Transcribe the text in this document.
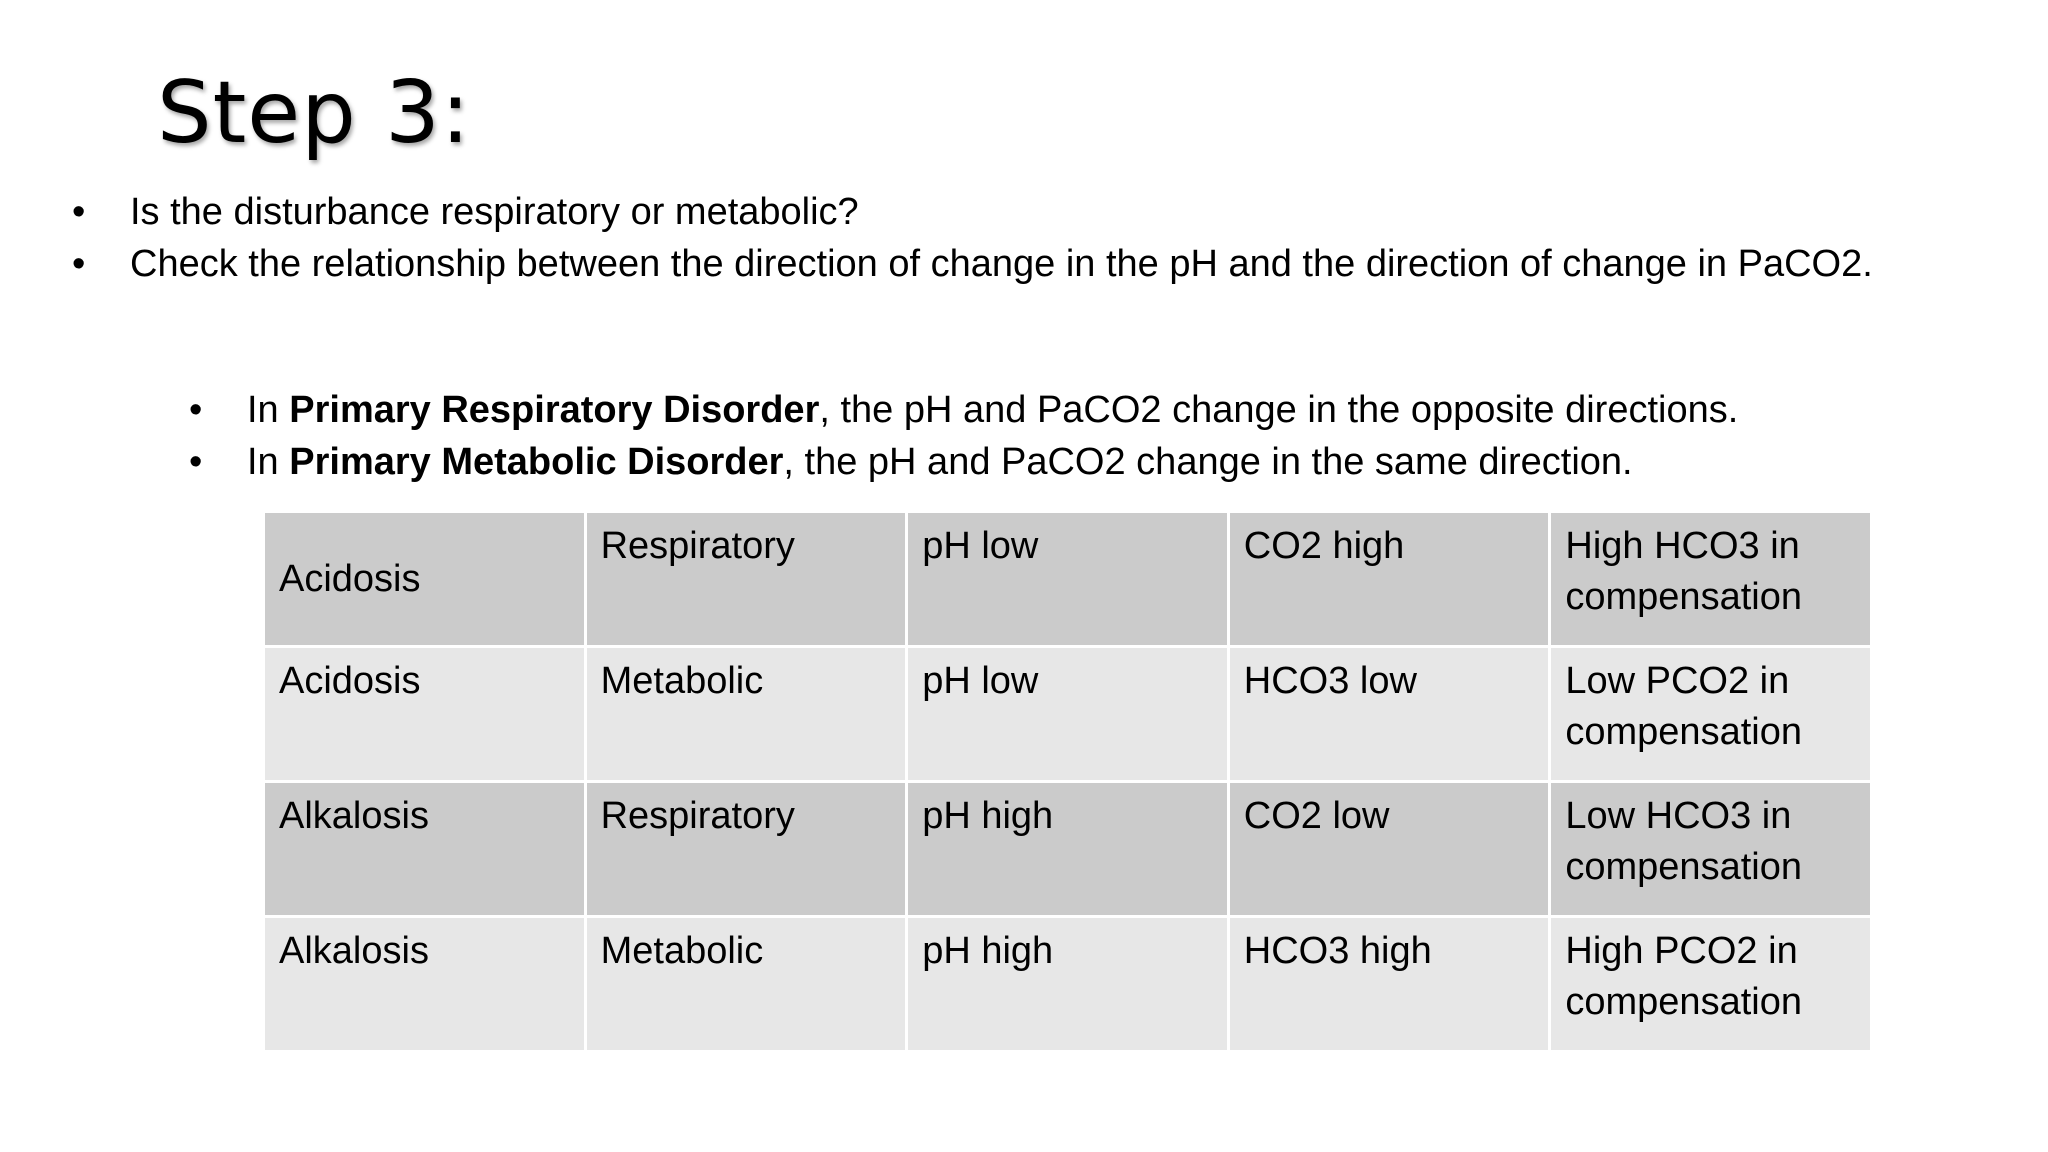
Step 3:
• Is the disturbance respiratory or metabolic?
• Check the relationship between the direction of change in the pH and the direction of change in PaCO2.
• In Primary Respiratory Disorder, the pH and PaCO2 change in the opposite directions.
• In Primary Metabolic Disorder, the pH and PaCO2 change in the same direction.
Acidosis	Respiratory	pH low	CO2 high	High HCO3 in compensation
Acidosis	Metabolic	pH low	HCO3 low	Low PCO2 in compensation
Alkalosis	Respiratory	pH high	CO2 low	Low HCO3 in compensation
Alkalosis	Metabolic	pH high	HCO3 high	High PCO2 in compensation
